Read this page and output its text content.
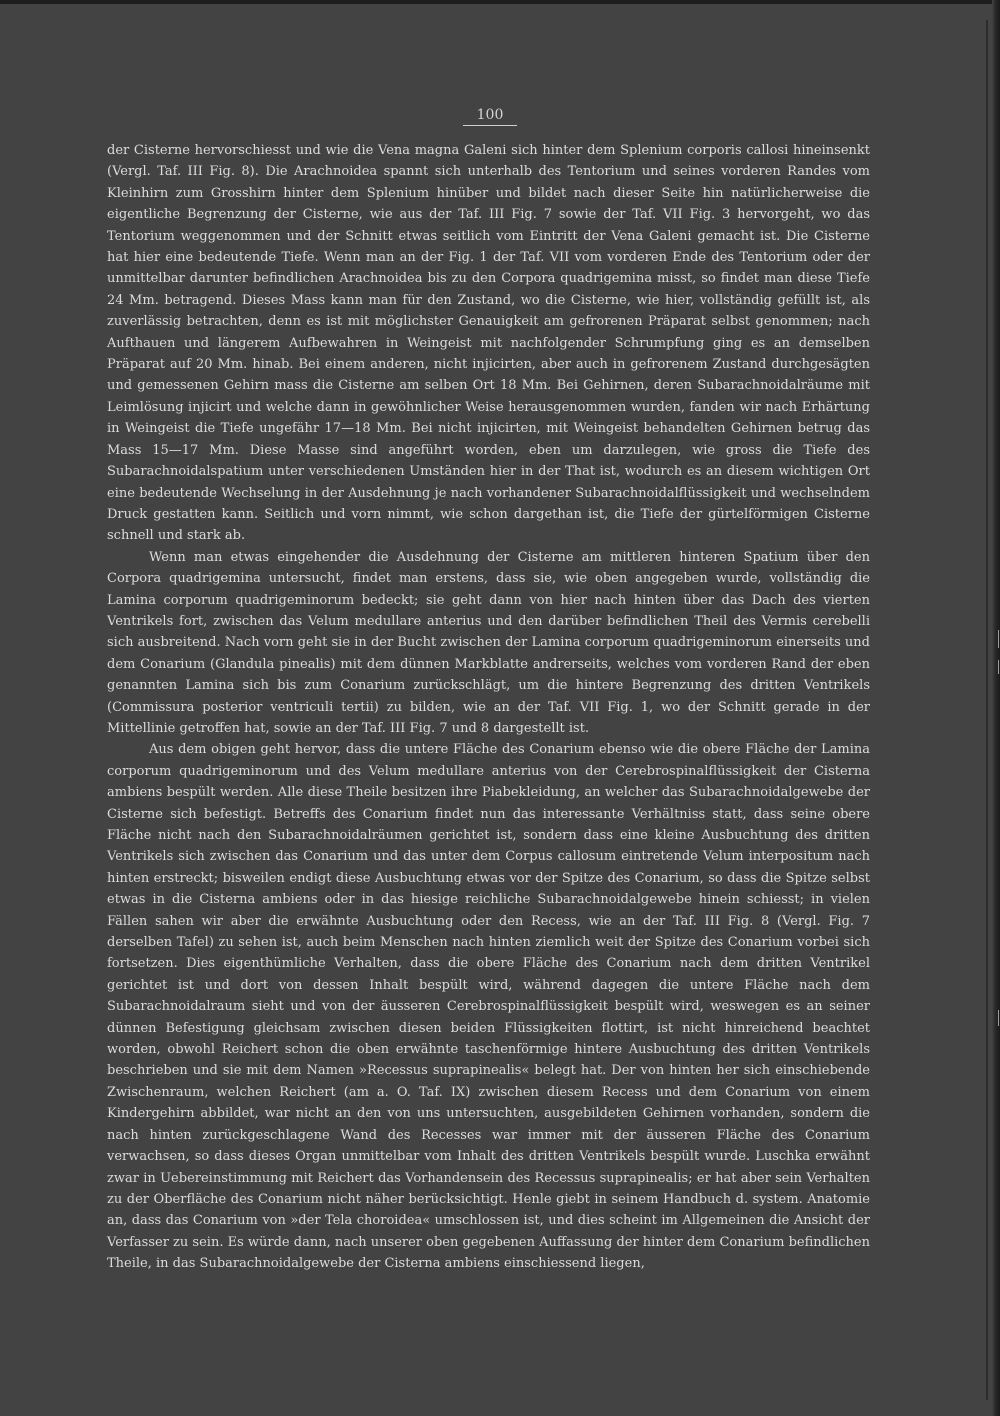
100

der Cisterne hervorschiesst und wie die Vena magna Galeni sich hinter dem Splenium corporis callosi hineinsenkt (Vergl. Taf. III Fig. 8). Die Arachnoidea spannt sich unterhalb des Tentorium und seines vorderen Randes vom Kleinhirn zum Grosshirn hinter dem Splenium hinüber und bildet nach dieser Seite hin natürlicherweise die eigentliche Begrenzung der Cisterne, wie aus der Taf. III Fig. 7 sowie der Taf. VII Fig. 3 hervorgeht, wo das Tentorium weggenommen und der Schnitt etwas seitlich vom Eintritt der Vena Galeni gemacht ist. Die Cisterne hat hier eine bedeutende Tiefe. Wenn man an der Fig. 1 der Taf. VII vom vorderen Ende des Tentorium oder der unmittelbar darunter befindlichen Arachnoidea bis zu den Corpora quadrigemina misst, so findet man diese Tiefe 24 Mm. betragend. Dieses Mass kann man für den Zustand, wo die Cisterne, wie hier, vollständig gefüllt ist, als zuverlässig betrachten, denn es ist mit möglichster Genauigkeit am gefrorenen Präparat selbst genommen; nach Aufthauen und längerem Aufbewahren in Weingeist mit nachfolgender Schrumpfung ging es an demselben Präparat auf 20 Mm. hinab. Bei einem anderen, nicht injicirten, aber auch in gefrorenem Zustand durchgesägten und gemessenen Gehirn mass die Cisterne am selben Ort 18 Mm. Bei Gehirnen, deren Subarachnoidalräume mit Leimlösung injicirt und welche dann in gewöhnlicher Weise herausgenommen wurden, fanden wir nach Erhärtung in Weingeist die Tiefe ungefähr 17—18 Mm. Bei nicht injicirten, mit Weingeist behandelten Gehirnen betrug das Mass 15—17 Mm. Diese Masse sind angeführt worden, eben um darzulegen, wie gross die Tiefe des Subarachnoidalspatium unter verschiedenen Umständen hier in der That ist, wodurch es an diesem wichtigen Ort eine bedeutende Wechselung in der Ausdehnung je nach vorhandener Subarachnoidalflüssigkeit und wechselndem Druck gestatten kann. Seitlich und vorn nimmt, wie schon dargethan ist, die Tiefe der gürtelförmigen Cisterne schnell und stark ab.

Wenn man etwas eingehender die Ausdehnung der Cisterne am mittleren hinteren Spatium über den Corpora quadrigemina untersucht, findet man erstens, dass sie, wie oben angegeben wurde, vollständig die Lamina corporum quadrigeminorum bedeckt; sie geht dann von hier nach hinten über das Dach des vierten Ventrikels fort, zwischen das Velum medullare anterius und den darüber befindlichen Theil des Vermis cerebelli sich ausbreitend. Nach vorn geht sie in der Bucht zwischen der Lamina corporum quadrigeminorum einerseits und dem Conarium (Glandula pinealis) mit dem dünnen Markblatte andrerseits, welches vom vorderen Rand der eben genannten Lamina sich bis zum Conarium zurückschlägt, um die hintere Begrenzung des dritten Ventrikels (Commissura posterior ventriculi tertii) zu bilden, wie an der Taf. VII Fig. 1, wo der Schnitt gerade in der Mittellinie getroffen hat, sowie an der Taf. III Fig. 7 und 8 dargestellt ist.

Aus dem obigen geht hervor, dass die untere Fläche des Conarium ebenso wie die obere Fläche der Lamina corporum quadrigeminorum und des Velum medullare anterius von der Cerebrospinalflüssigkeit der Cisterna ambiens bespült werden. Alle diese Theile besitzen ihre Piabekleidung, an welcher das Subarachnoidalgewebe der Cisterne sich befestigt. Betreffs des Conarium findet nun das interessante Verhältniss statt, dass seine obere Fläche nicht nach den Subarachnoidalräumen gerichtet ist, sondern dass eine kleine Ausbuchtung des dritten Ventrikels sich zwischen das Conarium und das unter dem Corpus callosum eintretende Velum interpositum nach hinten erstreckt; bisweilen endigt diese Ausbuchtung etwas vor der Spitze des Conarium, so dass die Spitze selbst etwas in die Cisterna ambiens oder in das hiesige reichliche Subarachnoidalgewebe hinein schiesst; in vielen Fällen sahen wir aber die erwähnte Ausbuchtung oder den Recess, wie an der Taf. III Fig. 8 (Vergl. Fig. 7 derselben Tafel) zu sehen ist, auch beim Menschen nach hinten ziemlich weit der Spitze des Conarium vorbei sich fortsetzen. Dies eigenthümliche Verhalten, dass die obere Fläche des Conarium nach dem dritten Ventrikel gerichtet ist und dort von dessen Inhalt bespült wird, während dagegen die untere Fläche nach dem Subarachnoidalraum sieht und von der äusseren Cerebrospinalflüssigkeit bespült wird, weswegen es an seiner dünnen Befestigung gleichsam zwischen diesen beiden Flüssigkeiten flottirt, ist nicht hinreichend beachtet worden, obwohl Reichert schon die oben erwähnte taschenförmige hintere Ausbuchtung des dritten Ventrikels beschrieben und sie mit dem Namen »Recessus suprapinealis« belegt hat. Der von hinten her sich einschiebende Zwischenraum, welchen Reichert (am a. O. Taf. IX) zwischen diesem Recess und dem Conarium von einem Kindergehirn abbildet, war nicht an den von uns untersuchten, ausgebildeten Gehirnen vorhanden, sondern die nach hinten zurückgeschlagene Wand des Recesses war immer mit der äusseren Fläche des Conarium verwachsen, so dass dieses Organ unmittelbar vom Inhalt des dritten Ventrikels bespült wurde. Luschka erwähnt zwar in Uebereinstimmung mit Reichert das Vorhandensein des Recessus suprapinealis; er hat aber sein Verhalten zu der Oberfläche des Conarium nicht näher berücksichtigt. Henle giebt in seinem Handbuch d. system. Anatomie an, dass das Conarium von »der Tela choroidea« umschlossen ist, und dies scheint im Allgemeinen die Ansicht der Verfasser zu sein. Es würde dann, nach unserer oben gegebenen Auffassung der hinter dem Conarium befindlichen Theile, in das Subarachnoidalgewebe der Cisterna ambiens einschiessend liegen,
